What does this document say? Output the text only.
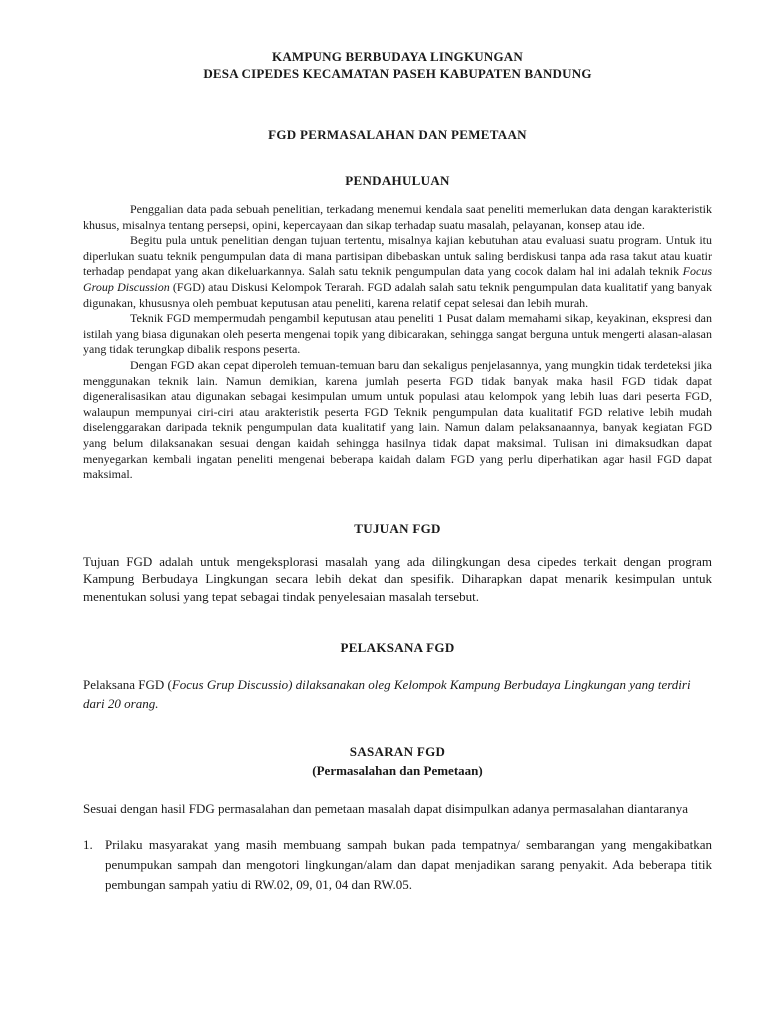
KAMPUNG BERBUDAYA LINGKUNGAN
DESA CIPEDES KECAMATAN PASEH KABUPATEN BANDUNG
FGD PERMASALAHAN DAN PEMETAAN
PENDAHULUAN

Penggalian data pada sebuah penelitian, terkadang menemui kendala saat peneliti memerlukan data dengan karakteristik khusus, misalnya tentang persepsi, opini, kepercayaan dan sikap terhadap suatu masalah, pelayanan, konsep atau ide.

Begitu pula untuk penelitian dengan tujuan tertentu, misalnya kajian kebutuhan atau evaluasi suatu program. Untuk itu diperlukan suatu teknik pengumpulan data di mana partisipan dibebaskan untuk saling berdiskusi tanpa ada rasa takut atau kuatir terhadap pendapat yang akan dikeluarkannya. Salah satu teknik pengumpulan data yang cocok dalam hal ini adalah teknik Focus Group Discussion (FGD) atau Diskusi Kelompok Terarah. FGD adalah salah satu teknik pengumpulan data kualitatif yang banyak digunakan, khususnya oleh pembuat keputusan atau peneliti, karena relatif cepat selesai dan lebih murah.

Teknik FGD mempermudah pengambil keputusan atau peneliti 1 Pusat dalam memahami sikap, keyakinan, ekspresi dan istilah yang biasa digunakan oleh peserta mengenai topik yang dibicarakan, sehingga sangat berguna untuk mengerti alasan-alasan yang tidak terungkap dibalik respons peserta.

Dengan FGD akan cepat diperoleh temuan-temuan baru dan sekaligus penjelasannya, yang mungkin tidak terdeteksi jika menggunakan teknik lain. Namun demikian, karena jumlah peserta FGD tidak banyak maka hasil FGD tidak dapat digeneralisasikan atau digunakan sebagai kesimpulan umum untuk populasi atau kelompok yang lebih luas dari peserta FGD, walaupun mempunyai ciri-ciri atau arakteristik peserta FGD Teknik pengumpulan data kualitatif FGD relative lebih mudah diselenggarakan daripada teknik pengumpulan data kualitatif yang lain. Namun dalam pelaksanaannya, banyak kegiatan FGD yang belum dilaksanakan sesuai dengan kaidah sehingga hasilnya tidak dapat maksimal. Tulisan ini dimaksudkan dapat menyegarkan kembali ingatan peneliti mengenai beberapa kaidah dalam FGD yang perlu diperhatikan agar hasil FGD dapat maksimal.

TUJUAN FGD

Tujuan FGD adalah untuk mengeksplorasi masalah yang ada dilingkungan desa cipedes terkait dengan program Kampung Berbudaya Lingkungan secara lebih dekat dan spesifik. Diharapkan dapat menarik kesimpulan untuk menentukan solusi yang tepat sebagai tindak penyelesaian masalah tersebut.

PELAKSANA FGD

Pelaksana FGD (Focus Grup Discussio) dilaksanakan oleg Kelompok Kampung Berbudaya Lingkungan yang terdiri dari 20 orang.

SASARAN FGD
(Permasalahan dan Pemetaan)

Sesuai dengan hasil FDG permasalahan dan pemetaan masalah dapat disimpulkan adanya permasalahan diantaranya

1. Prilaku masyarakat yang masih membuang sampah bukan pada tempatnya/ sembarangan yang mengakibatkan penumpukan sampah dan mengotori lingkungan/alam dan dapat menjadikan sarang penyakit. Ada beberapa titik pembungan sampah yatiu di RW.02, 09, 01, 04 dan RW.05.
